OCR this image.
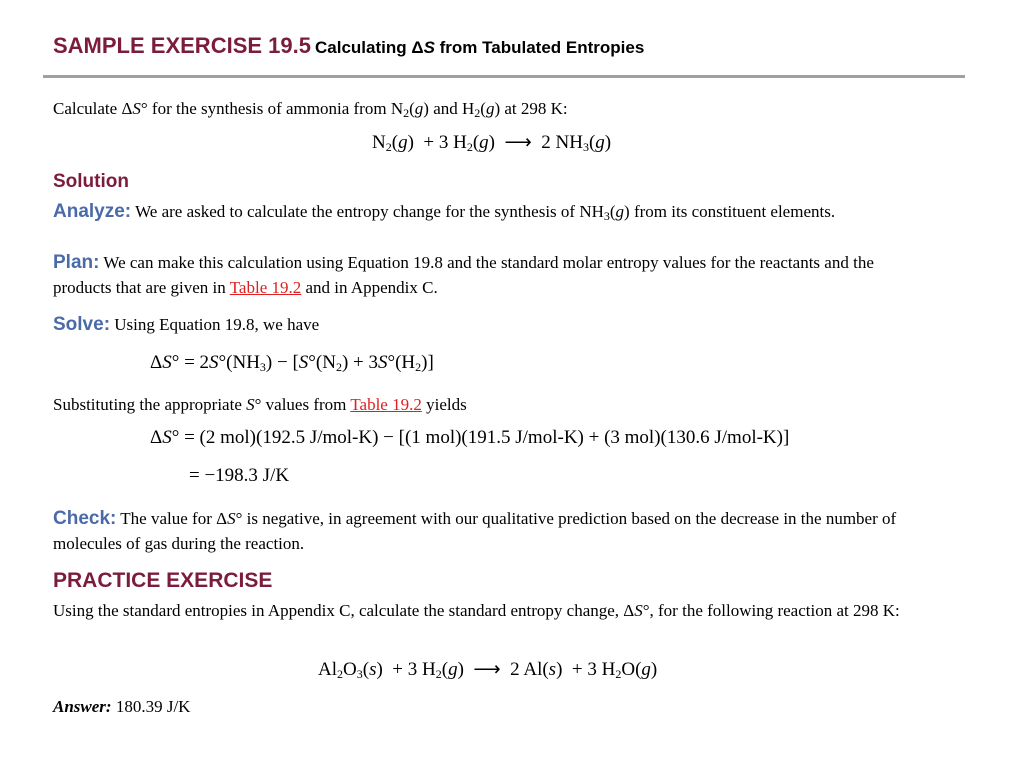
SAMPLE EXERCISE 19.5 Calculating ΔS from Tabulated Entropies
Calculate ΔS° for the synthesis of ammonia from $N_2(g)$ and $H_2(g)$ at 298 K:
$N_2(g) + 3$ $H_2(g)$  ⟶ 2 $NH_3(g)$
Solution
Analyze: We are asked to calculate the entropy change for the synthesis of $NH_3(g)$ from its constituent elements.
Plan: We can make this calculation using Equation 19.8 and the standard molar entropy values for the reactants and the products that are given in Table 19.2 and in Appendix C.
Solve: Using Equation 19.8, we have
$\Delta S^\circ = 2S^\circ(NH_3) - [S^\circ(N_2) + 3S^\circ(H_2)]$
Substituting the appropriate S° values from Table 19.2 yields
ΔS° = (2 mol)(192.5 J/mol-K) − [(1 mol)(191.5 J/mol-K) + (3 mol)(130.6 J/mol-K)]
= −198.3 J/K
Check: The value for ΔS° is negative, in agreement with our qualitative prediction based on the decrease in the number of molecules of gas during the reaction.
PRACTICE EXERCISE
Using the standard entropies in Appendix C, calculate the standard entropy change, ΔS°, for the following reaction at 298 K:
$Al_2O_3(s) + 3$ $H_2(g)$  ⟶ 2 Al(s)  + 3 $H_2O(g)$
Answer: 180.39 J/K
